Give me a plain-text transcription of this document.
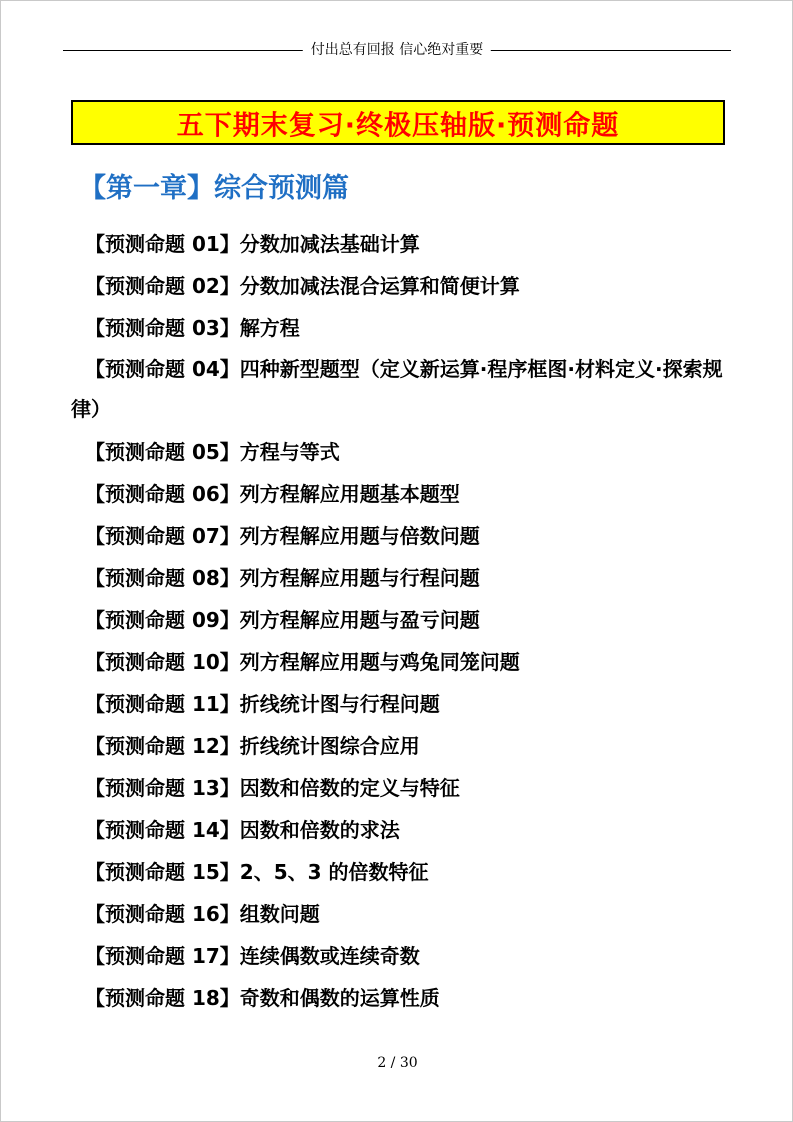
付出总有回报 信心绝对重要
五下期末复习·终极压轴版·预测命题
【第一章】综合预测篇
【预测命题 01】分数加减法基础计算
【预测命题 02】分数加减法混合运算和简便计算
【预测命题 03】解方程
【预测命题 04】四种新型题型（定义新运算·程序框图·材料定义·探索规律）
【预测命题 05】方程与等式
【预测命题 06】列方程解应用题基本题型
【预测命题 07】列方程解应用题与倍数问题
【预测命题 08】列方程解应用题与行程问题
【预测命题 09】列方程解应用题与盈亏问题
【预测命题 10】列方程解应用题与鸡兔同笼问题
【预测命题 11】折线统计图与行程问题
【预测命题 12】折线统计图综合应用
【预测命题 13】因数和倍数的定义与特征
【预测命题 14】因数和倍数的求法
【预测命题 15】2、5、3 的倍数特征
【预测命题 16】组数问题
【预测命题 17】连续偶数或连续奇数
【预测命题 18】奇数和偶数的运算性质
2 / 30
